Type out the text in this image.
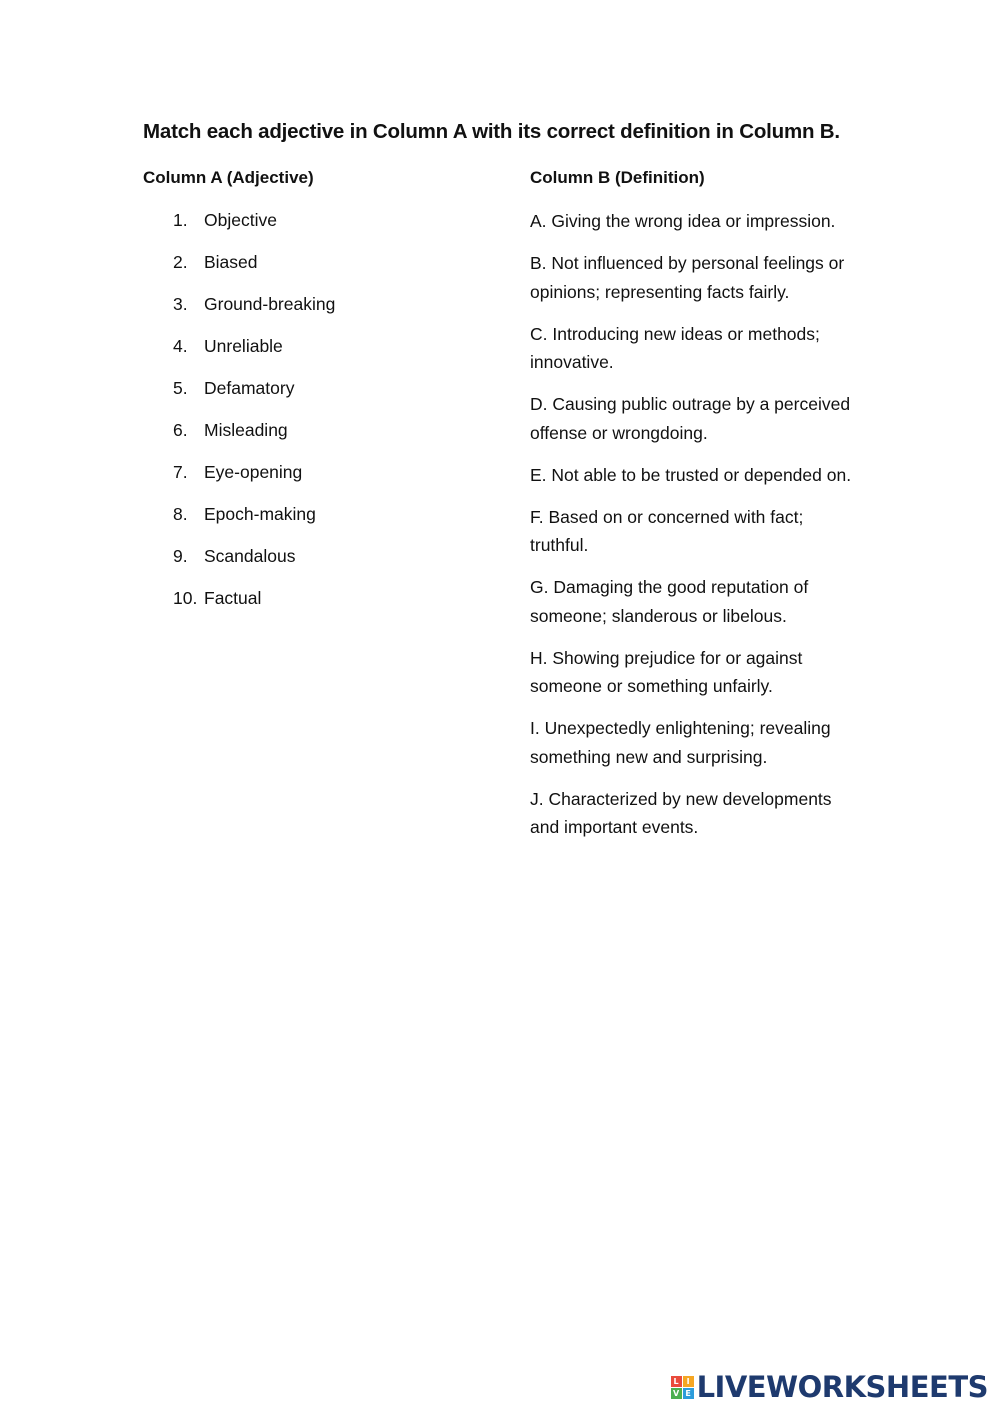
Match each adjective in Column A with its correct definition in Column B.
Column A (Adjective)	Column B (Definition)
1. Objective
2. Biased
3. Ground-breaking
4. Unreliable
5. Defamatory
6. Misleading
7. Eye-opening
8. Epoch-making
9. Scandalous
10. Factual
A. Giving the wrong idea or impression.
B. Not influenced by personal feelings or opinions; representing facts fairly.
C. Introducing new ideas or methods; innovative.
D. Causing public outrage by a perceived offense or wrongdoing.
E. Not able to be trusted or depended on.
F. Based on or concerned with fact; truthful.
G. Damaging the good reputation of someone; slanderous or libelous.
H. Showing prejudice for or against someone or something unfairly.
I. Unexpectedly enlightening; revealing something new and surprising.
J. Characterized by new developments and important events.
L I
V E LIVEWORKSHEETS
